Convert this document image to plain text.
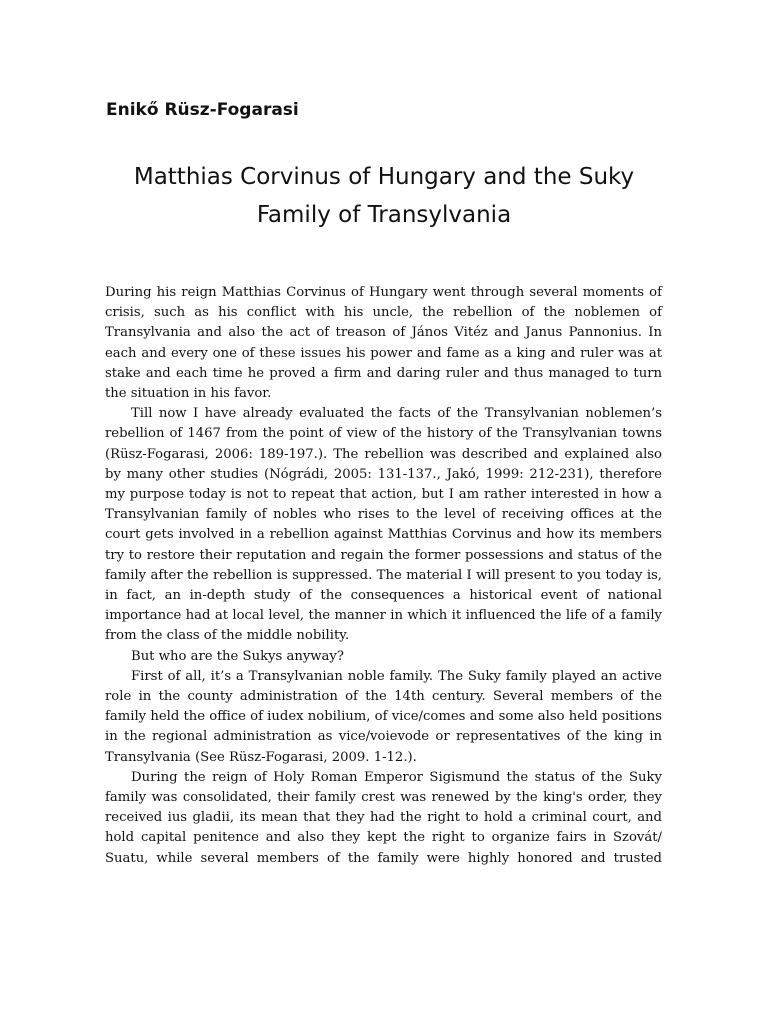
Enikő Rüsz-Fogarasi
Matthias Corvinus of Hungary and the Suky
Family of Transylvania

During his reign Matthias Corvinus of Hungary went through several moments of crisis, such as his conflict with his uncle, the rebellion of the noblemen of Transylvania and also the act of treason of János Vitéz and Janus Pannonius. In each and every one of these issues his power and fame as a king and ruler was at stake and each time he proved a firm and daring ruler and thus managed to turn the situation in his favor.

Till now I have already evaluated the facts of the Transylvanian noblemen’s rebellion of 1467 from the point of view of the history of the Transylvanian towns (Rüsz-Fogarasi, 2006: 189-197.). The rebellion was described and explained also by many other studies (Nógrádi, 2005: 131-137., Jakó, 1999: 212-231), therefore my purpose today is not to repeat that action, but I am rather interested in how a Transylvanian family of nobles who rises to the level of receiving offices at the court gets involved in a rebellion against Matthias Corvinus and how its members try to restore their reputation and regain the former possessions and status of the family after the rebellion is suppressed. The material I will present to you today is, in fact, an in-depth study of the consequences a historical event of national importance had at local level, the manner in which it influenced the life of a family from the class of the middle nobility.

But who are the Sukys anyway?

First of all, it’s a Transylvanian noble family. The Suky family played an active role in the county administration of the 14th century. Several members of the family held the office of iudex nobilium, of vice/comes and some also held positions in the regional administration as vice/voievode or representatives of the king in Transylvania (See Rüsz-Fogarasi, 2009. 1-12.).

During the reign of Holy Roman Emperor Sigismund the status of the Suky family was consolidated, their family crest was renewed by the king's order, they received ius gladii, its mean that they had the right to hold a criminal court, and hold capital penitence and also they kept the right to organize fairs in Szovát/ Suatu, while several members of the family were highly honored and trusted
